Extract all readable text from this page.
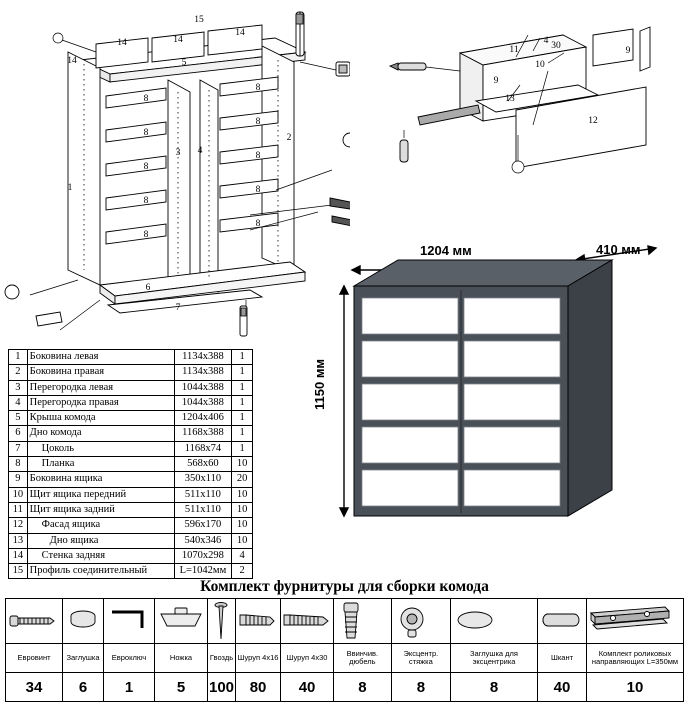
15
14
14	14
14
5
1
3 4
2
8
8
8
8
8
8
8
8
8
8
6
7
11	30
4
9
9
13
10
12
1204 мм	410 мм
1150 мм
1	Боковина левая	1134х388	1
2	Боковина правая	1134х388	1
3	Перегородка левая	1044х388	1
4	Перегородка правая	1044х388	1
5	Крыша комода	1204х406	1
6	Дно комода	1168х388	1
7	Цоколь	1168х74	1
8	Планка	568х60	10
9	Боковина ящика	350х110	20
10	Щит ящика передний	511х110	10
11	Щит ящика задний	511х110	10
12	Фасад ящика	596х170	10
13	Дно ящика	540х346	10
14	Стенка задняя	1070х298	4
15	Профиль соединительный	L=1042мм	2
Комплект фурнитуры для сборки комода

Евровинт	Заглушка	Евроключ	Ножка	Гвоздь	Шуруп 4х16	Шуруп 4х30	Ввинчив. дюбель	Эксцентр. стяжка	Заглушка для эксцентрика	Шкант	Комплект роликовых направляющих L=350мм
34	6	1	5	100	80	40	8	8	8	40	10
